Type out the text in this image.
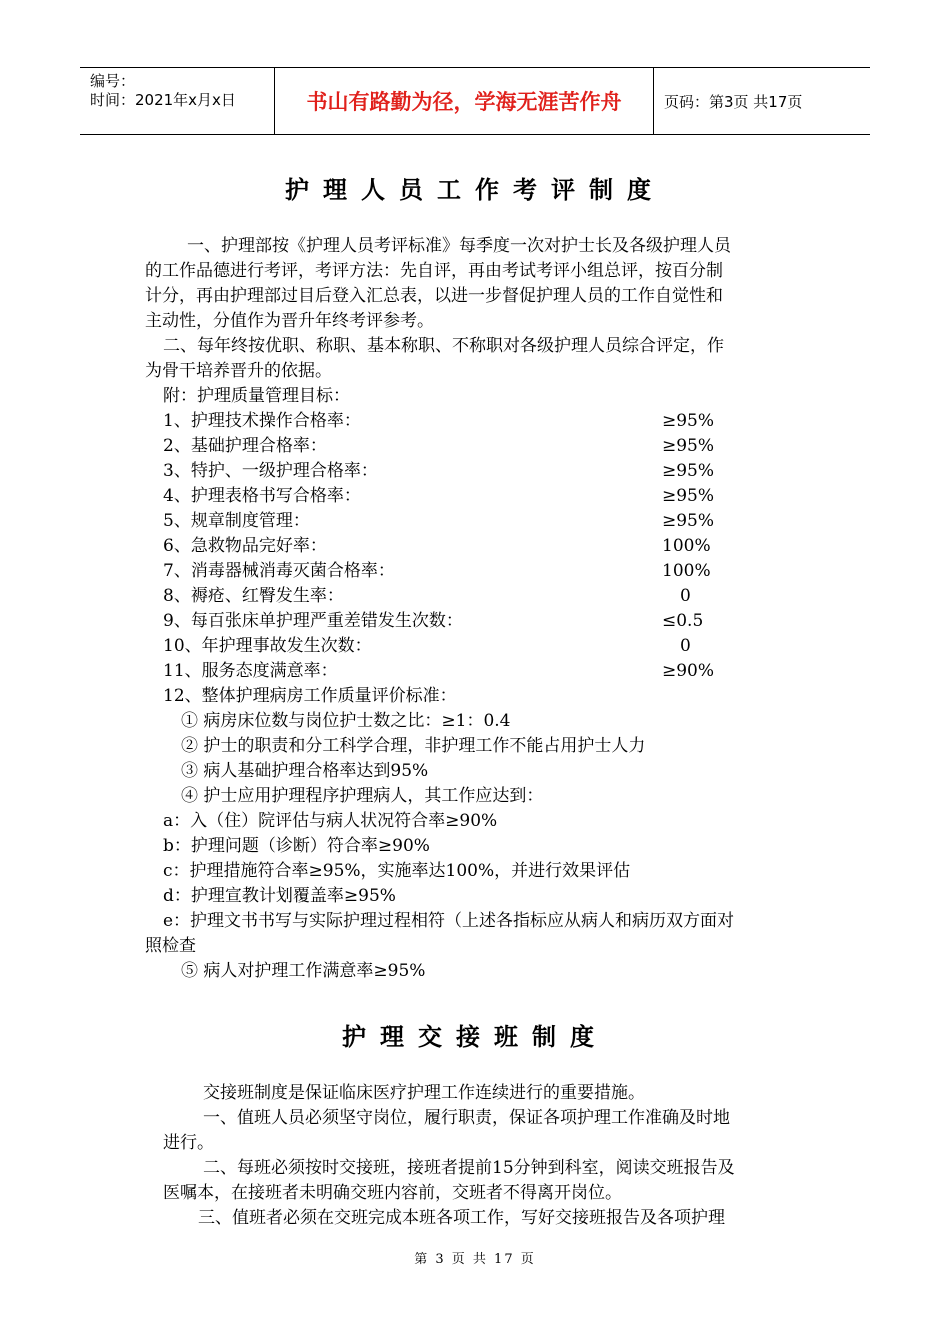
编号：
时间：2021年x月x日	书山有路勤为径，学海无涯苦作舟	页码：第3页 共17页
护理人员工作考评制度
一、护理部按《护理人员考评标准》每季度一次对护士长及各级护理人员
的工作品德进行考评，考评方法：先自评，再由考试考评小组总评，按百分制
计分，再由护理部过目后登入汇总表，以进一步督促护理人员的工作自觉性和
主动性，分值作为晋升年终考评参考。
二、每年终按优职、称职、基本称职、不称职对各级护理人员综合评定，作
为骨干培养晋升的依据。
附：护理质量管理目标：
1、护理技术操作合格率：	≥95%
2、基础护理合格率：	≥95%
3、特护、一级护理合格率：	≥95%
4、护理表格书写合格率：	≥95%
5、规章制度管理：	≥95%
6、急救物品完好率：	100%
7、消毒器械消毒灭菌合格率：	100%
8、褥疮、红臀发生率：	0
9、每百张床单护理严重差错发生次数：	≤0.5
10、年护理事故发生次数：	0
11、服务态度满意率：	≥90%
12、整体护理病房工作质量评价标准：
① 病房床位数与岗位护士数之比：≥1：0.4
② 护士的职责和分工科学合理，非护理工作不能占用护士人力
③ 病人基础护理合格率达到95%
④ 护士应用护理程序护理病人，其工作应达到：
a：入（住）院评估与病人状况符合率≥90%
b：护理问题（诊断）符合率≥90%
c：护理措施符合率≥95%，实施率达100%，并进行效果评估
d：护理宣教计划覆盖率≥95%
e：护理文书书写与实际护理过程相符（上述各指标应从病人和病历双方面对
照检查
⑤ 病人对护理工作满意率≥95%
护理交接班制度
交接班制度是保证临床医疗护理工作连续进行的重要措施。
一、值班人员必须坚守岗位，履行职责，保证各项护理工作准确及时地
进行。
二、每班必须按时交接班，接班者提前15分钟到科室，阅读交班报告及
医嘱本，在接班者未明确交班内容前，交班者不得离开岗位。
三、值班者必须在交班完成本班各项工作，写好交接班报告及各项护理
第 3 页 共 17 页
